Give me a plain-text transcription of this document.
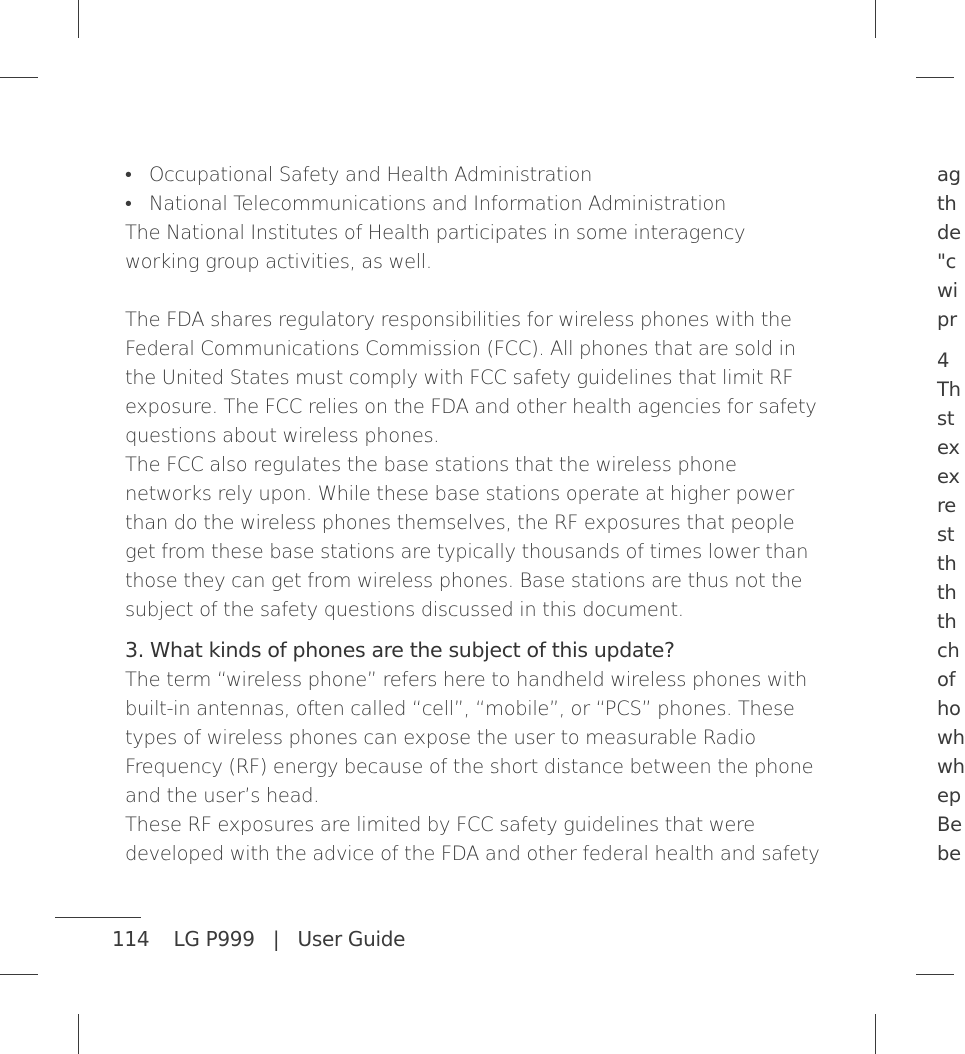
• Occupational Safety and Health Administration
• National Telecommunications and Information Administration

The National Institutes of Health participates in some interagency working group activities, as well.

The FDA shares regulatory responsibilities for wireless phones with the Federal Communications Commission (FCC). All phones that are sold in the United States must comply with FCC safety guidelines that limit RF exposure. The FCC relies on the FDA and other health agencies for safety questions about wireless phones.

The FCC also regulates the base stations that the wireless phone networks rely upon. While these base stations operate at higher power than do the wireless phones themselves, the RF exposures that people get from these base stations are typically thousands of times lower than those they can get from wireless phones. Base stations are thus not the subject of the safety questions discussed in this document.

3. What kinds of phones are the subject of this update?

The term “wireless phone” refers here to handheld wireless phones with built-in antennas, often called “cell”, “mobile”, or “PCS” phones. These types of wireless phones can expose the user to measurable Radio Frequency (RF) energy because of the short distance between the phone and the user’s head.

These RF exposures are limited by FCC safety guidelines that were developed with the advice of the FDA and other federal health and safety

ag
th
de
"c
wi
pr
4
Th
st
ex
ex
re
st
th
th
th
ch
of
ho
wh
wh
ep
Be
be
114 LG P999 | User Guide
